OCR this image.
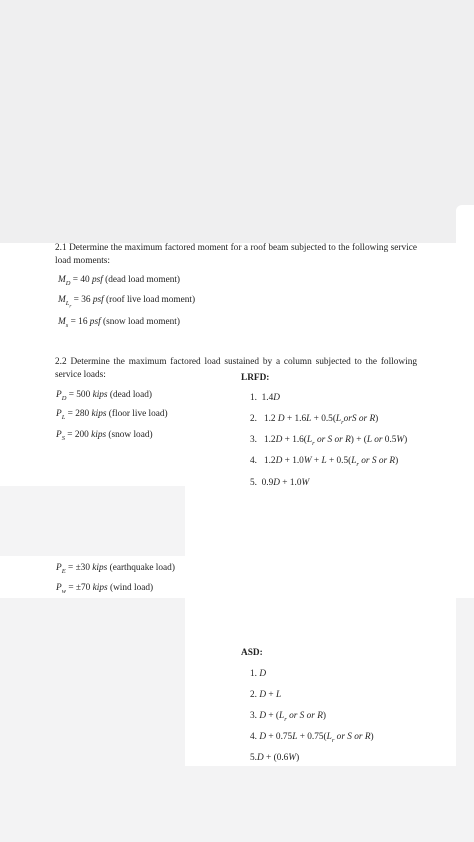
2.1 Determine the maximum factored moment for a roof beam subjected to the following service load moments:
$M_D = 40$ psf (dead load moment)
$M_{L_r} = 36$ psf (roof live load moment)
$M_s = 16$ psf (snow load moment)
2.2 Determine the maximum factored load sustained by a column subjected to the following service loads:
$P_D = 500$ kips (dead load)
$P_L = 280$ kips (floor live load)
$P_S = 200$ kips (snow load)
LRFD:
1.  1.4D
2.   1.2 $D + 1.6L + 0.5(L_rorS$ or R)
3.   $1.2D + 1.6(L_r$ or S or R) + (L or 0.5W)
4.   $1.2D + 1.0W + L + 0.5(L_r$ or S or R)
5.  0.9D + 1.0W
$P_E = \pm 30$ kips (earthquake load)
$P_w = \pm 70$ kips (wind load)
ASD:
1. D
2. D + L
3. $D + (L_r$ or S or R)
4. $D + 0.75L + 0.75(L_r$ or S or R)
5.D + (0.6W)
